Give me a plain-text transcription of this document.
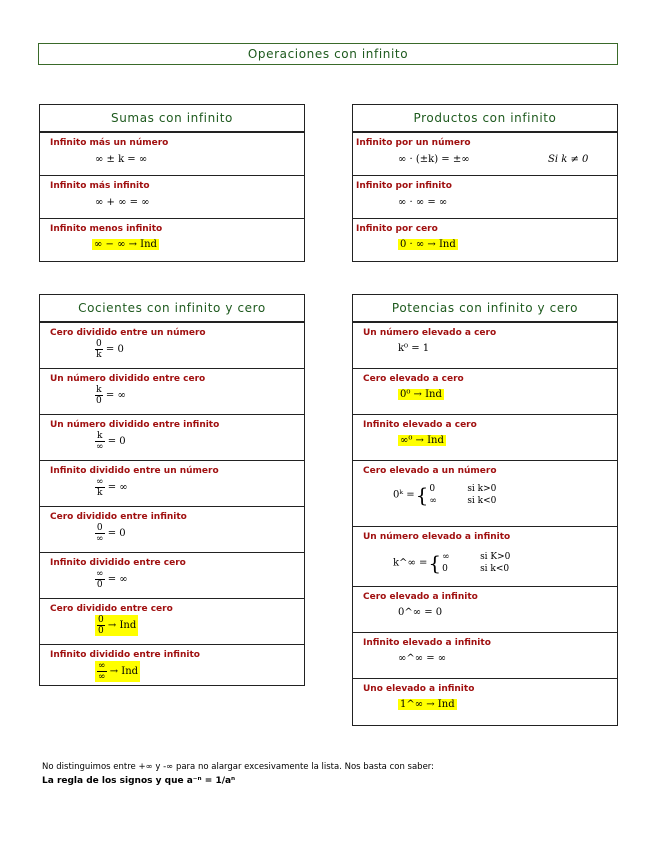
Operaciones con infinito
Sumas con infinito
Infinito más un número
∞ ± k = ∞
Infinito más infinito
∞ + ∞ = ∞
Infinito menos infinito
∞ − ∞ → Ind
Productos con infinito
Infinito por un número
∞ · (±k) = ±∞	Si k ≠ 0
Infinito por infinito
∞ · ∞ = ∞
Infinito por cero
0 · ∞ → Ind
Cocientes con infinito y cero
Cero dividido entre un número
$\frac{0}{k} = 0$
Un número dividido entre cero
$\frac{k}{0}$ = ∞
Un número dividido entre infinito
$\frac{k}{\infty} = 0$
Infinito dividido entre un número
$\frac{\infty}{k}$ = ∞
Cero dividido entre infinito
$\frac{0}{\infty} = 0$
Infinito dividido entre cero
$\frac{\infty}{0}$ = ∞
Cero dividido entre cero
$\frac{0}{0}$ → Ind
Infinito dividido entre infinito
$\frac{\infty}{\infty}$ → Ind
Potencias con infinito y cero
Un número elevado a cero
k⁰ = 1
Cero elevado a cero
0⁰ → Ind
Infinito elevado a cero
∞⁰ → Ind
Cero elevado a un número
0ᵏ ={0	si k>0
∞	si k<0
Un número elevado a infinito
k^∞ ={∞	si K>0
0	si k<0
Cero elevado a infinito
0^∞ = 0
Infinito elevado a infinito
∞^∞ = ∞
Uno elevado a infinito
1^∞ → Ind
No distinguimos entre +∞ y -∞ para no alargar excesivamente la lista. Nos basta con saber:
La regla de los signos y que a⁻ⁿ = 1/aⁿ
